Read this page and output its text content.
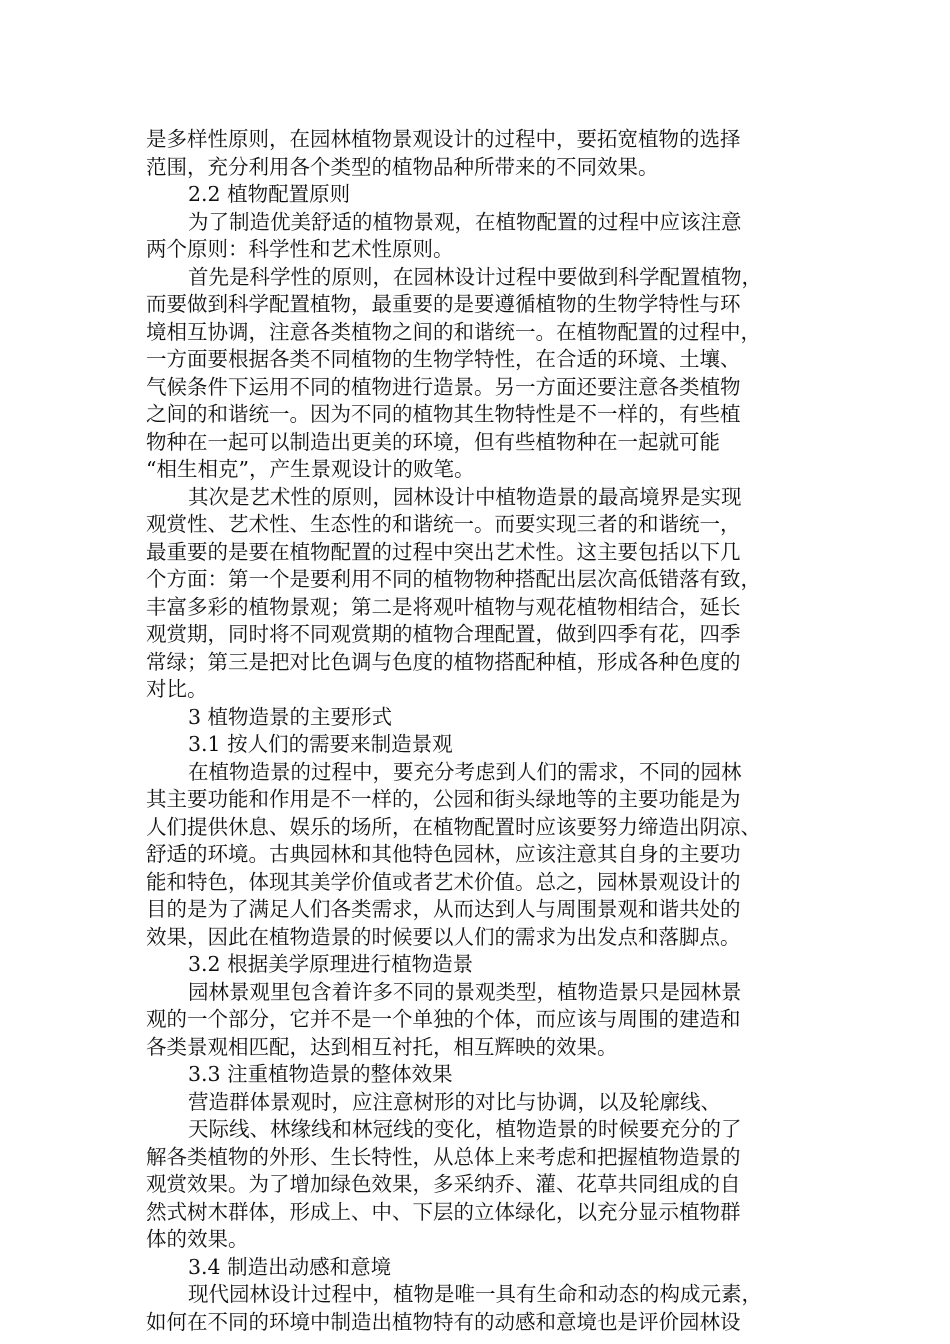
是多样性原则，在园林植物景观设计的过程中，要拓宽植物的选择
范围，充分利用各个类型的植物品种所带来的不同效果。
2.2 植物配置原则
为了制造优美舒适的植物景观，在植物配置的过程中应该注意
两个原则：科学性和艺术性原则。
首先是科学性的原则，在园林设计过程中要做到科学配置植物，
而要做到科学配置植物，最重要的是要遵循植物的生物学特性与环
境相互协调，注意各类植物之间的和谐统一。在植物配置的过程中，
一方面要根据各类不同植物的生物学特性，在合适的环境、土壤、
气候条件下运用不同的植物进行造景。另一方面还要注意各类植物
之间的和谐统一。因为不同的植物其生物特性是不一样的，有些植
物种在一起可以制造出更美的环境，但有些植物种在一起就可能
“相生相克”，产生景观设计的败笔。
其次是艺术性的原则，园林设计中植物造景的最高境界是实现
观赏性、艺术性、生态性的和谐统一。而要实现三者的和谐统一，
最重要的是要在植物配置的过程中突出艺术性。这主要包括以下几
个方面：第一个是要利用不同的植物物种搭配出层次高低错落有致，
丰富多彩的植物景观；第二是将观叶植物与观花植物相结合，延长
观赏期，同时将不同观赏期的植物合理配置，做到四季有花，四季
常绿；第三是把对比色调与色度的植物搭配种植，形成各种色度的
对比。
3 植物造景的主要形式
3.1 按人们的需要来制造景观
在植物造景的过程中，要充分考虑到人们的需求，不同的园林
其主要功能和作用是不一样的，公园和街头绿地等的主要功能是为
人们提供休息、娱乐的场所，在植物配置时应该要努力缔造出阴凉、
舒适的环境。古典园林和其他特色园林，应该注意其自身的主要功
能和特色，体现其美学价值或者艺术价值。总之，园林景观设计的
目的是为了满足人们各类需求，从而达到人与周围景观和谐共处的
效果，因此在植物造景的时候要以人们的需求为出发点和落脚点。
3.2 根据美学原理进行植物造景
园林景观里包含着许多不同的景观类型，植物造景只是园林景
观的一个部分，它并不是一个单独的个体，而应该与周围的建造和
各类景观相匹配，达到相互衬托，相互辉映的效果。
3.3 注重植物造景的整体效果
营造群体景观时，应注意树形的对比与协调，以及轮廓线、
天际线、林缘线和林冠线的变化，植物造景的时候要充分的了
解各类植物的外形、生长特性，从总体上来考虑和把握植物造景的
观赏效果。为了增加绿色效果，多采纳乔、灌、花草共同组成的自
然式树木群体，形成上、中、下层的立体绿化，以充分显示植物群
体的效果。
3.4 制造出动感和意境
现代园林设计过程中，植物是唯一具有生命和动态的构成元素，
如何在不同的环境中制造出植物特有的动感和意境也是评价园林设
